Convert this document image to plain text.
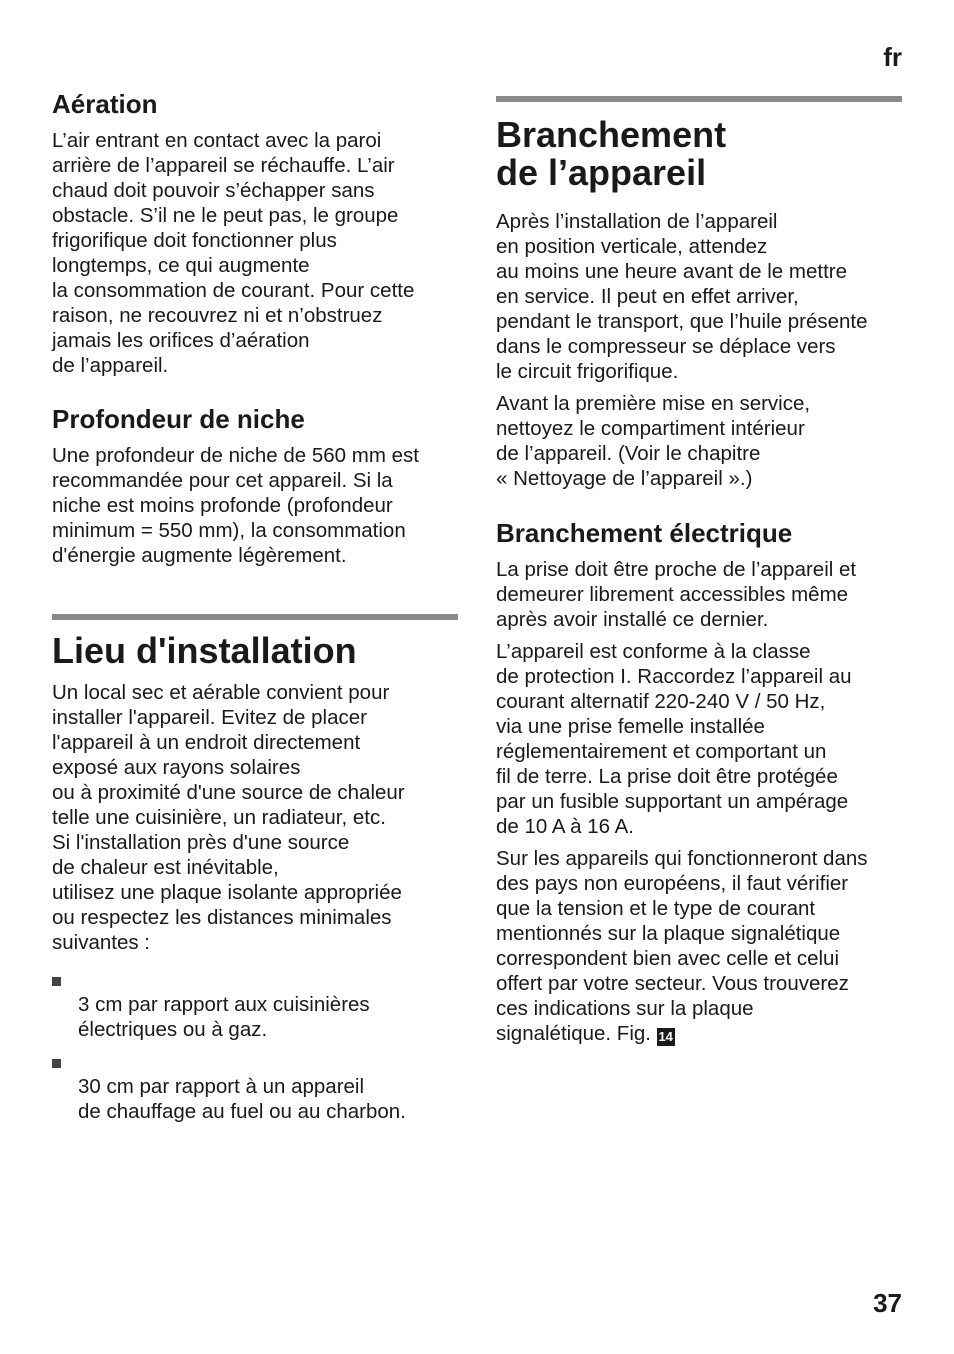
fr
Aération

L’air entrant en contact avec la paroi
arrière de l’appareil se réchauffe. L’air
chaud doit pouvoir s’échapper sans
obstacle. S’il ne le peut pas, le groupe
frigorifique doit fonctionner plus
longtemps, ce qui augmente
la consommation de courant. Pour cette
raison, ne recouvrez ni et n’obstruez
jamais les orifices d’aération
de l’appareil.

Profondeur de niche

Une profondeur de niche de 560 mm est
recommandée pour cet appareil. Si la
niche est moins profonde (profondeur
minimum = 550 mm), la consommation
d'énergie augmente légèrement.

Lieu d'installation

Un local sec et aérable convient pour
installer l'appareil. Evitez de placer
l'appareil à un endroit directement
exposé aux rayons solaires
ou à proximité d'une source de chaleur
telle une cuisinière, un radiateur, etc.
Si l'installation près d'une source
de chaleur est inévitable,
utilisez une plaque isolante appropriée
ou respectez les distances minimales
suivantes :

3 cm par rapport aux cuisinières
électriques ou à gaz.

30 cm par rapport à un appareil
de chauffage au fuel ou au charbon.

Branchement
de l’appareil

Après l’installation de l’appareil
en position verticale, attendez
au moins une heure avant de le mettre
en service. Il peut en effet arriver,
pendant le transport, que l’huile présente
dans le compresseur se déplace vers
le circuit frigorifique.

Avant la première mise en service,
nettoyez le compartiment intérieur
de l’appareil. (Voir le chapitre
« Nettoyage de l’appareil ».)

Branchement électrique

La prise doit être proche de l’appareil et
demeurer librement accessibles même
après avoir installé ce dernier.

L’appareil est conforme à la classe
de protection I. Raccordez l’appareil au
courant alternatif 220-240 V / 50 Hz,
via une prise femelle installée
réglementairement et comportant un
fil de terre. La prise doit être protégée
par un fusible supportant un ampérage
de 10 A à 16 A.

Sur les appareils qui fonctionneront dans
des pays non européens, il faut vérifier
que la tension et le type de courant
mentionnés sur la plaque signalétique
correspondent bien avec celle et celui
offert par votre secteur. Vous trouverez
ces indications sur la plaque
signalétique. Fig. 14

37
